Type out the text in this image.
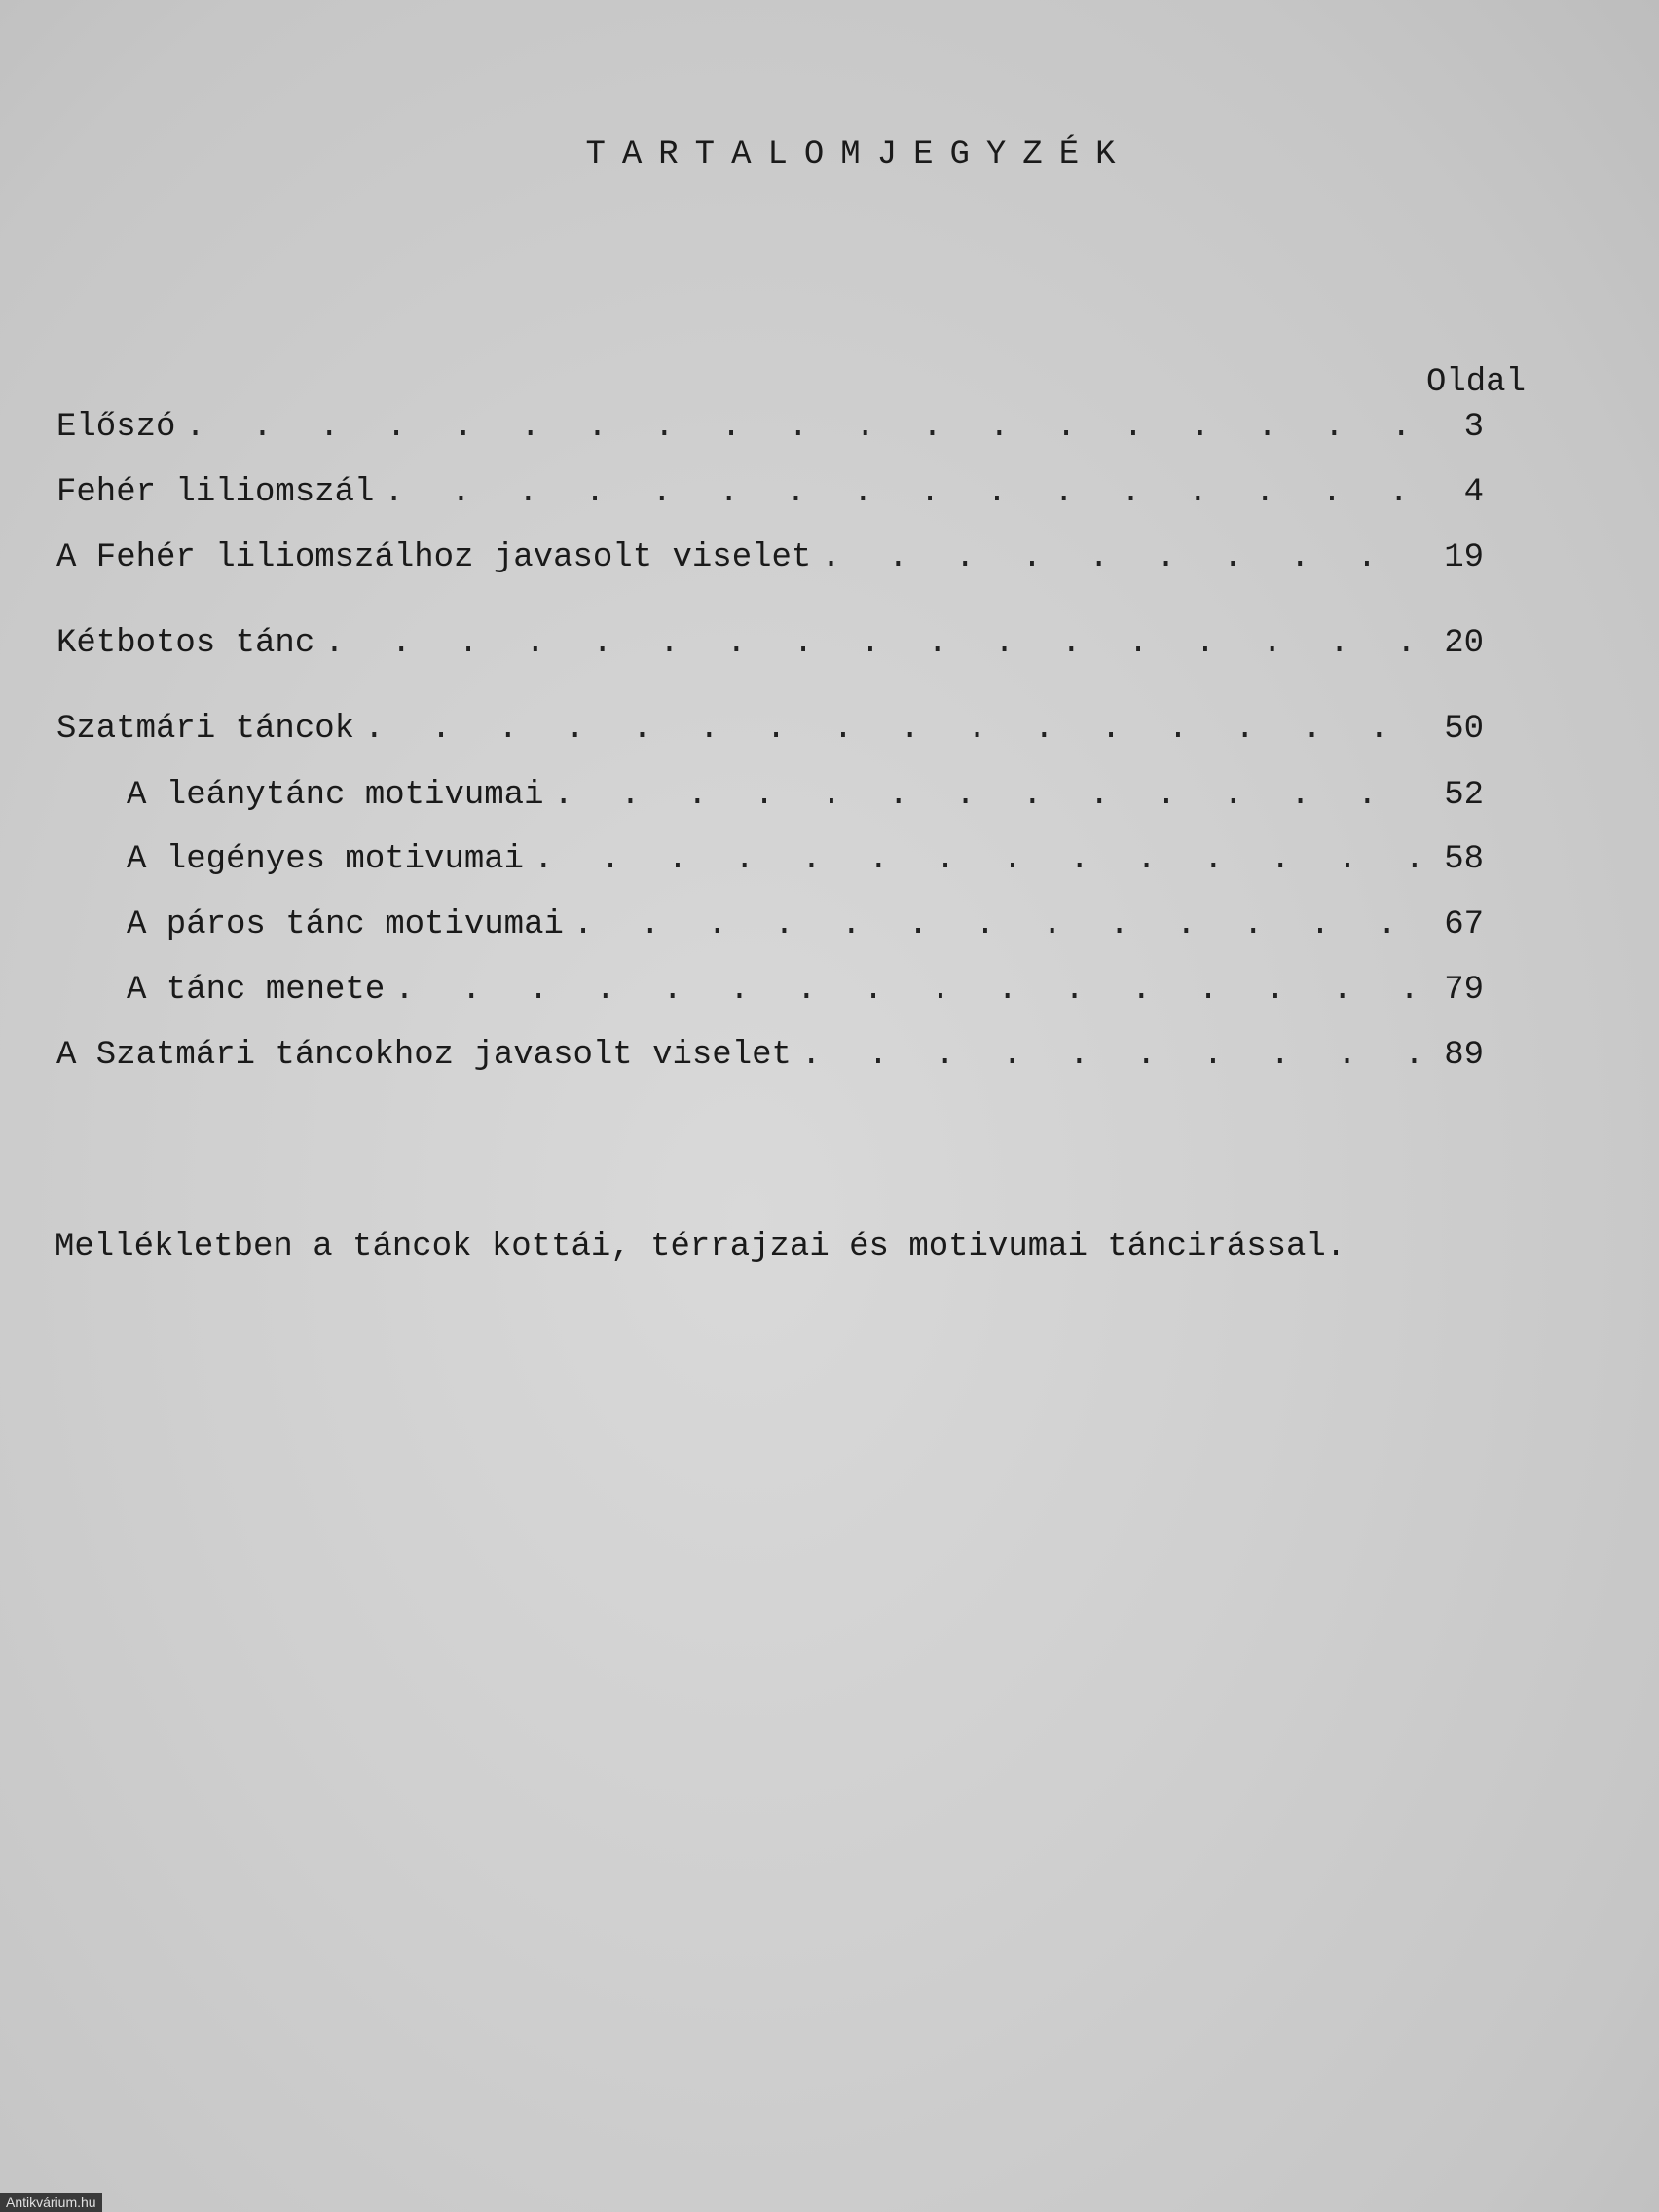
TARTALOMJEGYZÉK
Oldal
Előszó . . .	3
Fehér liliomszál . . .	4
A Fehér liliomszálhoz javasolt viselet . . .	19
Kétbotos tánc . . .	20
Szatmári táncok . . .	50
A leánytánc motivumai . . .	52
A legényes motivumai . . .	58
A páros tánc motivumai . . .	67
A tánc menete . . .	79
A Szatmári táncokhoz javasolt viselet . . .	89
Mellékletben a táncok kottái, térrajzai és motivumai táncirással.
Antikvárium.hu
